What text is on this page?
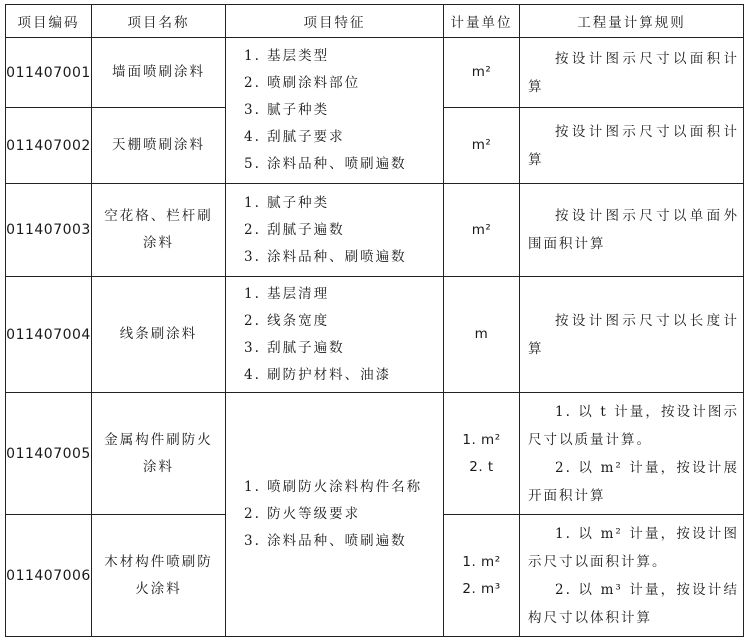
项目编码	项目名称	项目特征	计量单位	工程量计算规则
011407001	墙面喷刷涂料	1. 基层类型
2. 喷刷涂料部位
3. 腻子种类
4. 刮腻子要求
5. 涂料品种、喷刷遍数	m²	按设计图示尺寸以面积计算

011407002	天棚喷刷涂料		m²	按设计图示尺寸以面积计算

011407003	空花格、栏杆刷涂料	1. 腻子种类
2. 刮腻子遍数
3. 涂料品种、刷喷遍数	m²	按设计图示尺寸以单面外围面积计算

011407004	线条刷涂料	1. 基层清理
2. 线条宽度
3. 刮腻子遍数
4. 刷防护材料、油漆	m	按设计图示尺寸以长度计算

011407005	金属构件刷防火涂料	1. 喷刷防火涂料构件名称
2. 防火等级要求
3. 涂料品种、喷刷遍数	1. m²
2. t	1. 以 t 计量，按设计图示尺寸以质量计算。
2. 以 m² 计量，按设计展开面积计算

011407006	木材构件喷刷防火涂料		1. m²
2. m³	1. 以 m² 计量，按设计图示尺寸以面积计算。
2. 以 m³ 计量，按设计结构尺寸以体积计算
